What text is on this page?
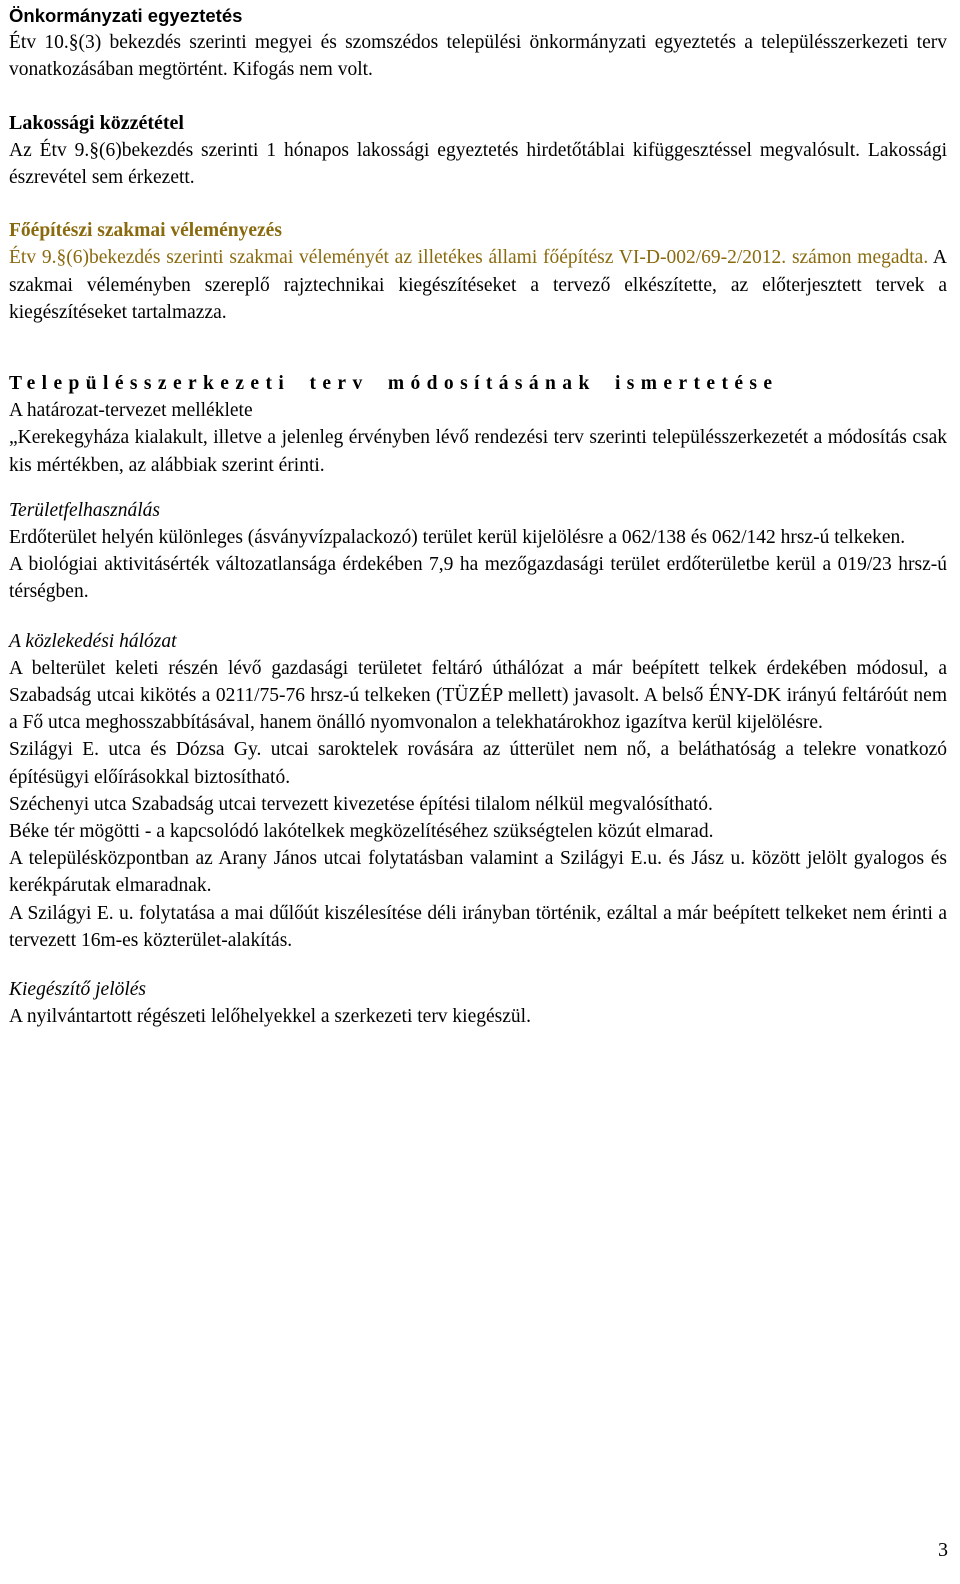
Önkormányzati egyeztetés

Étv 10.§(3) bekezdés szerinti megyei és szomszédos települési önkormányzati egyeztetés a településszerkezeti terv vonatkozásában megtörtént. Kifogás nem volt.

Lakossági közzététel

Az Étv 9.§(6)bekezdés szerinti 1 hónapos lakossági egyeztetés hirdetőtáblai kifüggesztéssel megvalósult. Lakossági észrevétel sem érkezett.

Főépítészi szakmai véleményezés

Étv 9.§(6)bekezdés szerinti szakmai véleményét az illetékes állami főépítész VI-D-002/69-2/2012. számon megadta. A szakmai véleményben szereplő rajztechnikai kiegészítéseket a tervező elkészítette, az előterjesztett tervek a kiegészítéseket tartalmazza.

Településszerkezeti terv módosításának ismertetése
A határozat-tervezet melléklete

„Kerekegyháza kialakult, illetve a jelenleg érvényben lévő rendezési terv szerinti településszerkezetét a módosítás csak kis mértékben, az alábbiak szerint érinti.

Területfelhasználás

Erdőterület helyén különleges (ásványvízpalackozó) terület kerül kijelölésre a 062/138 és 062/142 hrsz-ú telkeken.

A biológiai aktivitásérték változatlansága érdekében 7,9 ha mezőgazdasági terület erdőterületbe kerül a 019/23 hrsz-ú térségben.

A közlekedési hálózat

A belterület keleti részén lévő gazdasági területet feltáró úthálózat a már beépített telkek érdekében módosul, a Szabadság utcai kikötés a 0211/75-76 hrsz-ú telkeken (TÜZÉP mellett) javasolt. A belső ÉNY-DK irányú feltáróút nem a Fő utca meghosszabbításával, hanem önálló nyomvonalon a telekhatárokhoz igazítva kerül kijelölésre.

Szilágyi E. utca és Dózsa Gy. utcai saroktelek rovására az útterület nem nő, a beláthatóság a telekre vonatkozó építésügyi előírásokkal biztosítható.

Széchenyi utca Szabadság utcai tervezett kivezetése építési tilalom nélkül megvalósítható.

Béke tér mögötti - a kapcsolódó lakótelkek megközelítéséhez szükségtelen közút elmarad.

A településközpontban az Arany János utcai folytatásban valamint a Szilágyi E.u. és Jász u. között jelölt gyalogos és kerékpárutak elmaradnak.

A Szilágyi E. u. folytatása a mai dűlőút kiszélesítése déli irányban történik, ezáltal a már beépített telkeket nem érinti a tervezett 16m-es közterület-alakítás.

Kiegészítő jelölés

A nyilvántartott régészeti lelőhelyekkel a szerkezeti terv kiegészül.

3
